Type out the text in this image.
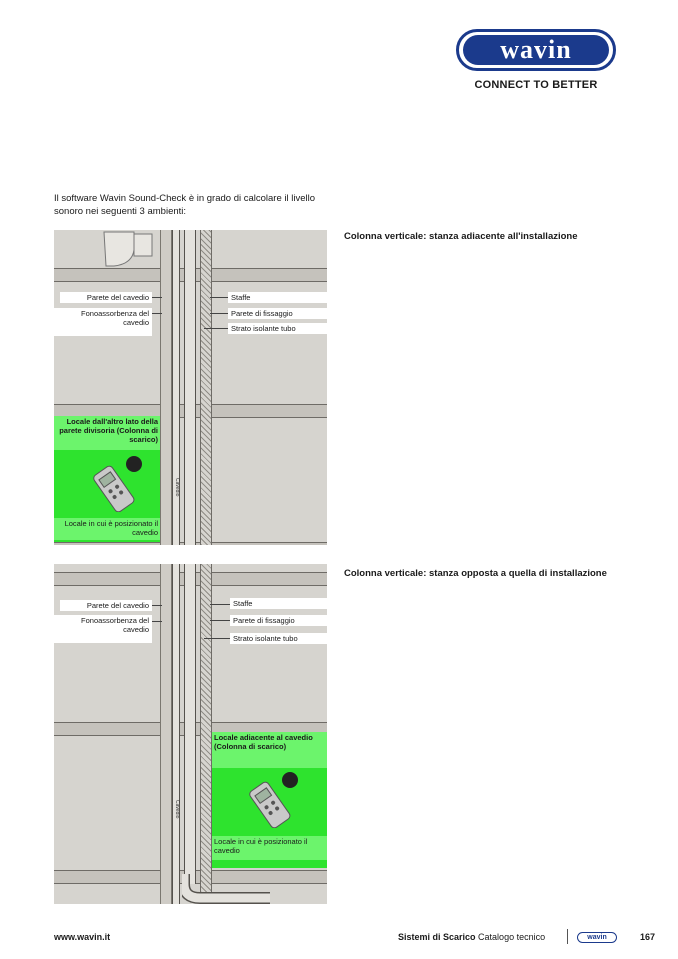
wavin
CONNECT TO BETTER
Il software Wavin Sound-Check è in grado di calcolare il livello sonoro nei seguenti 3 ambienti:
Colonna verticale: stanza adiacente all'installazione
Colonna verticale: stanza opposta a quella di installazione
Cavedio
Parete del cavedio
Fonoassorbenza del cavedio
Staffe
Parete di fissaggio
Strato isolante tubo
Locale dall'altro lato della parete divisoria (Colonna di scarico)
Locale in cui è posizionato il cavedio
Cavedio
Parete del cavedio
Fonoassorbenza del cavedio
Staffe
Parete di fissaggio
Strato isolante tubo
Locale adiacente al cavedio (Colonna di scarico)
Locale in cui è posizionato il cavedio
www.wavin.it	Sistemi di Scarico Catalogo tecnico	wavin	167
